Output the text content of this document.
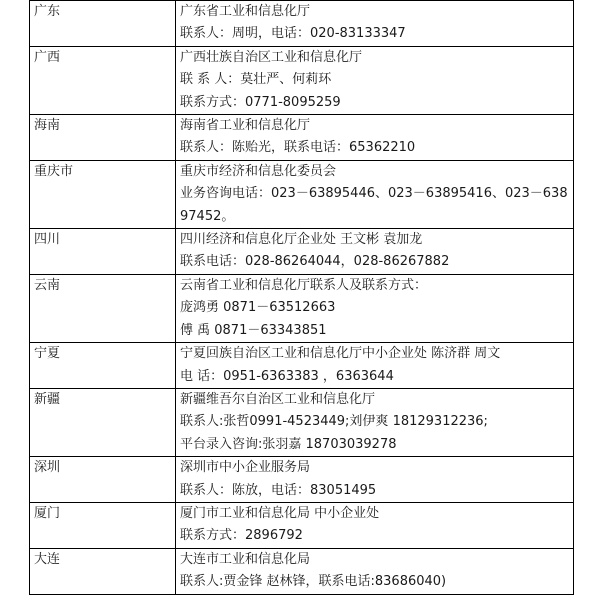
广东	广东省工业和信息化厅
联系人：周明，电话：020-83133347

广西	广西壮族自治区工业和信息化厅
联 系 人：莫壮严、何莉环
联系方式：0771-8095259

海南	海南省工业和信息化厅
联系人：陈贻光，联系电话：65362210

重庆市	重庆市经济和信息化委员会
业务咨询电话：023－63895446、023－63895416、023－63897452。

四川	四川经济和信息化厅企业处 王文彬 袁加龙
联系电话：028-86264044，028-86267882

云南	云南省工业和信息化厅联系人及联系方式：
庞鸿勇 0871－63512663
傅 禹 0871－63343851

宁夏	宁夏回族自治区工业和信息化厅中小企业处 陈济群 周文
电 话：0951-6363383 ，6363644

新疆	新疆维吾尔自治区工业和信息化厅
联系人:张哲0991-4523449;刘伊爽 18129312236;
平台录入咨询:张羽嘉 18703039278

深圳	深圳市中小企业服务局
联系人：陈放，电话：83051495

厦门	厦门市工业和信息化局 中小企业处
联系方式：2896792

大连	大连市工业和信息化局
联系人:贾金锋 赵林锋，联系电话:83686040)
